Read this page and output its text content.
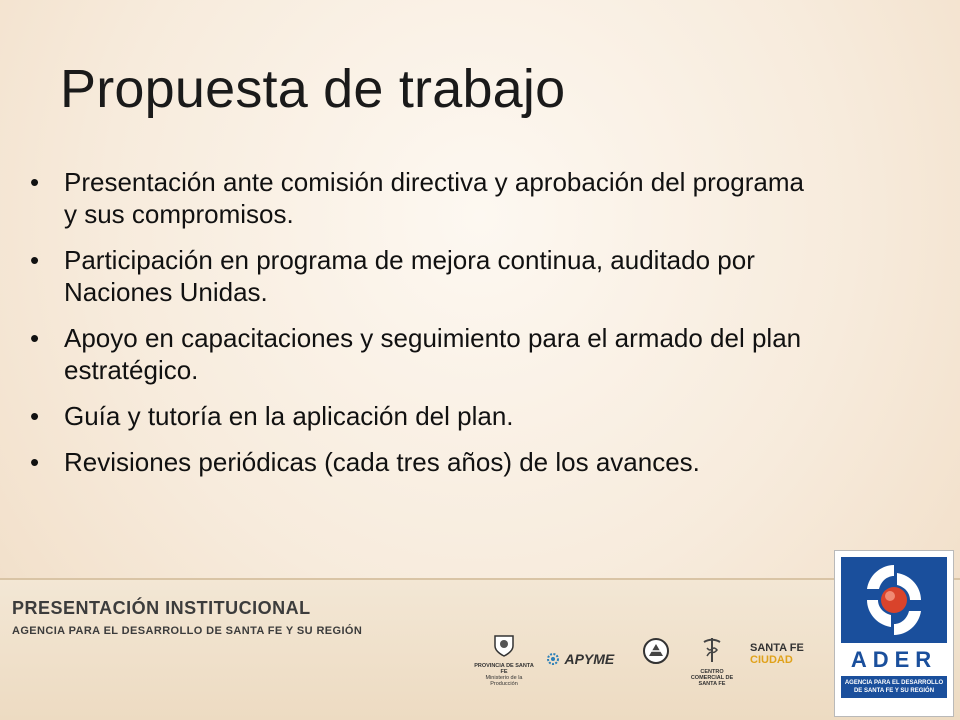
Propuesta de trabajo
• Presentación ante comisión directiva y aprobación del programa y sus compromisos.
• Participación en programa de mejora continua, auditado por Naciones Unidas.
• Apoyo en capacitaciones y seguimiento para el armado del plan estratégico.
• Guía y tutoría en la aplicación del plan.
• Revisiones periódicas (cada tres años) de los avances.
PRESENTACIÓN INSTITUCIONAL
AGENCIA PARA EL DESARROLLO DE SANTA FE Y SU REGIÓN
PROVINCIA DE SANTA FE
Ministerio de la Producción
APYME
CENTRO COMERCIAL DE SANTA FE
SANTA FE
CIUDAD	ADER
AGENCIA PARA EL DESARROLLO
DE SANTA FE Y SU REGIÓN
